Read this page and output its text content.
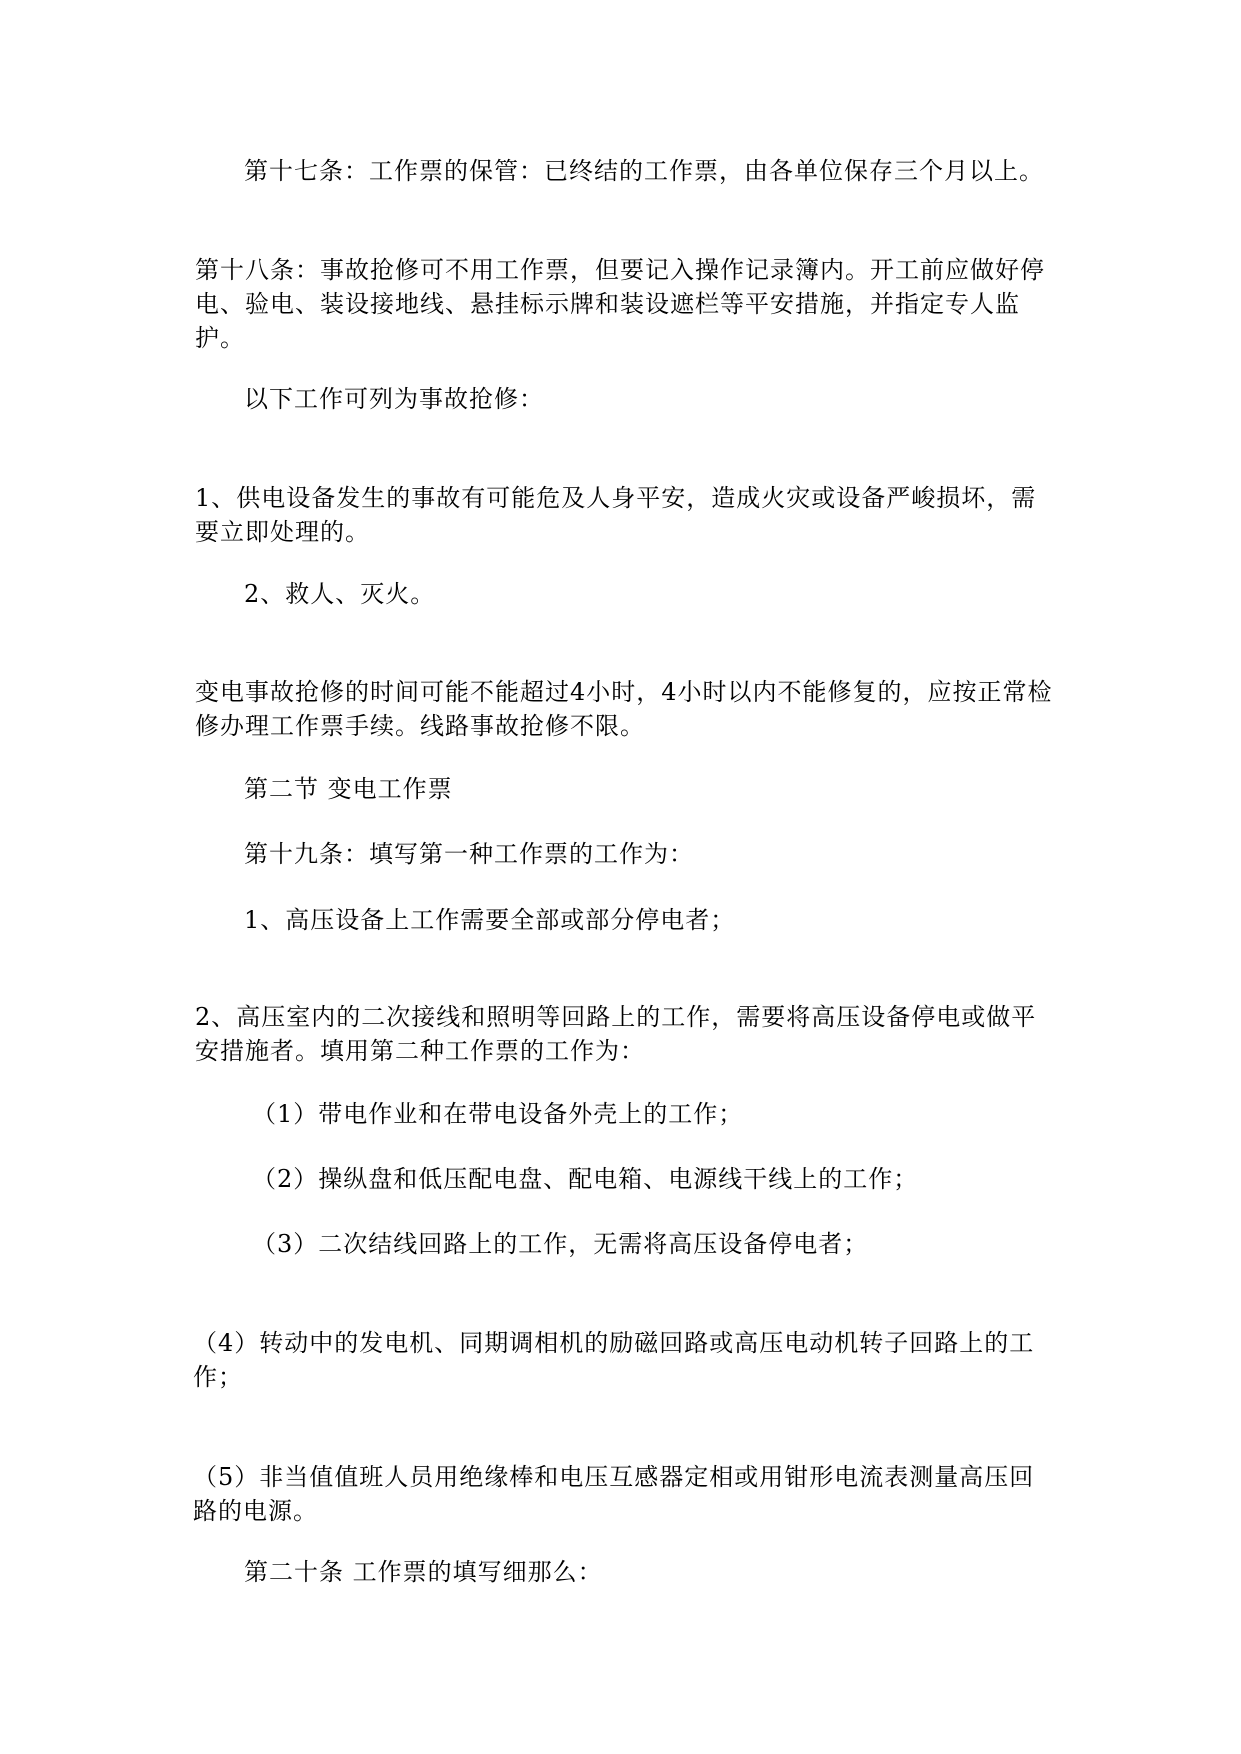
第十七条：工作票的保管：已终结的工作票，由各单位保存三个月以上。

第十八条：事故抢修可不用工作票，但要记入操作记录簿内。开工前应做好停电、验电、装设接地线、悬挂标示牌和装设遮栏等平安措施，并指定专人监护。

以下工作可列为事故抢修：

1、供电设备发生的事故有可能危及人身平安，造成火灾或设备严峻损坏，需要立即处理的。

2、救人、灭火。

变电事故抢修的时间可能不能超过4小时，4小时以内不能修复的，应按正常检修办理工作票手续。线路事故抢修不限。

第二节 变电工作票

第十九条：填写第一种工作票的工作为：

1、高压设备上工作需要全部或部分停电者；

2、高压室内的二次接线和照明等回路上的工作，需要将高压设备停电或做平安措施者。填用第二种工作票的工作为：

（1）带电作业和在带电设备外壳上的工作；

（2）操纵盘和低压配电盘、配电箱、电源线干线上的工作；

（3）二次结线回路上的工作，无需将高压设备停电者；

（4）转动中的发电机、同期调相机的励磁回路或高压电动机转子回路上的工作；

（5）非当值值班人员用绝缘棒和电压互感器定相或用钳形电流表测量高压回路的电源。

第二十条 工作票的填写细那么：
